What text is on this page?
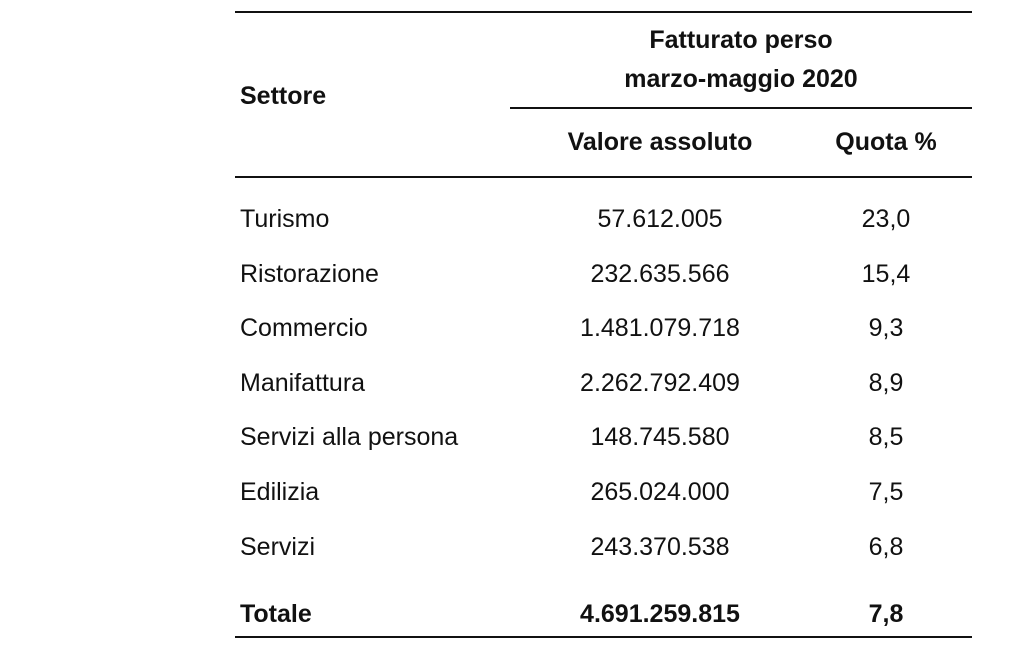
Settore
Fatturato perso
marzo-maggio 2020
Valore assoluto	Quota %
Turismo	57.612.005	23,0
Ristorazione	232.635.566	15,4
Commercio	1.481.079.718	9,3
Manifattura	2.262.792.409	8,9
Servizi alla persona	148.745.580	8,5
Edilizia	265.024.000	7,5
Servizi	243.370.538	6,8
Totale	4.691.259.815	7,8
